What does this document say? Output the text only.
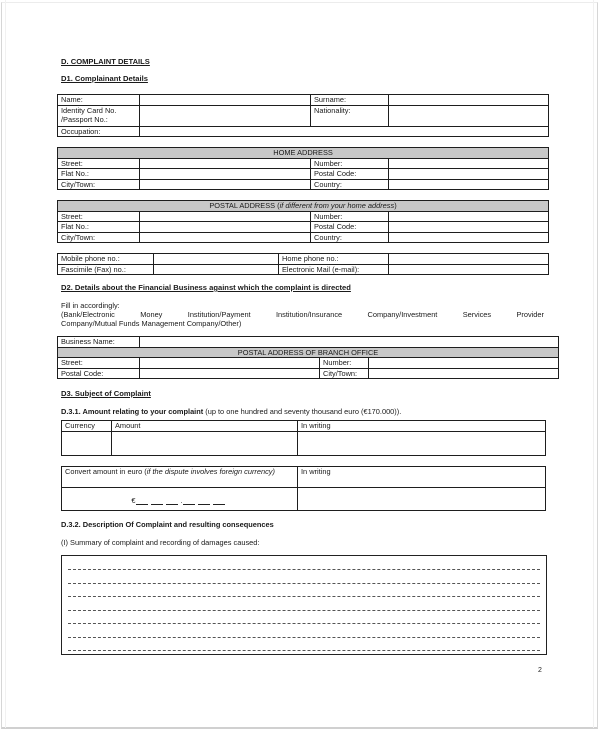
D. COMPLAINT DETAILS
D1. Complainant Details
Name:		Surname:	
Identity Card No. /Passport No.:		Nationality:	
Occupation:			
HOME ADDRESS			
Street:		Number:	
Flat No.:		Postal Code:	
City/Town:		Country:	
POSTAL ADDRESS (if different from your home address)			
Street:		Number:	
Flat No.:		Postal Code:	
City/Town:		Country:	
Mobile phone no.:		Home phone no.:	
Fascimile (Fax) no.:		Electronic Mail (e-mail):	
D2. Details about the Financial Business against which the complaint is directed
Fill in accordingly:
(Bank/Electronic Money Institution/Payment Institution/Insurance Company/Investment Services Provider
Company/Mutual Funds Management Company/Other)
Business Name:			
POSTAL ADDRESS OF BRANCH OFFICE			
Street:		Number:	
Postal Code:		City/Town:	
D3. Subject of Complaint
D.3.1. Amount relating to your complaint (up to one hundred and seventy thousand euro (€170.000)).
Currency	Amount	In writing

Convert amount in euro (if the dispute involves foreign currency)	In writing
€ .	
D.3.2. Description Of Complaint and resulting consequences
(I) Summary of complaint and recording of damages caused:
2
